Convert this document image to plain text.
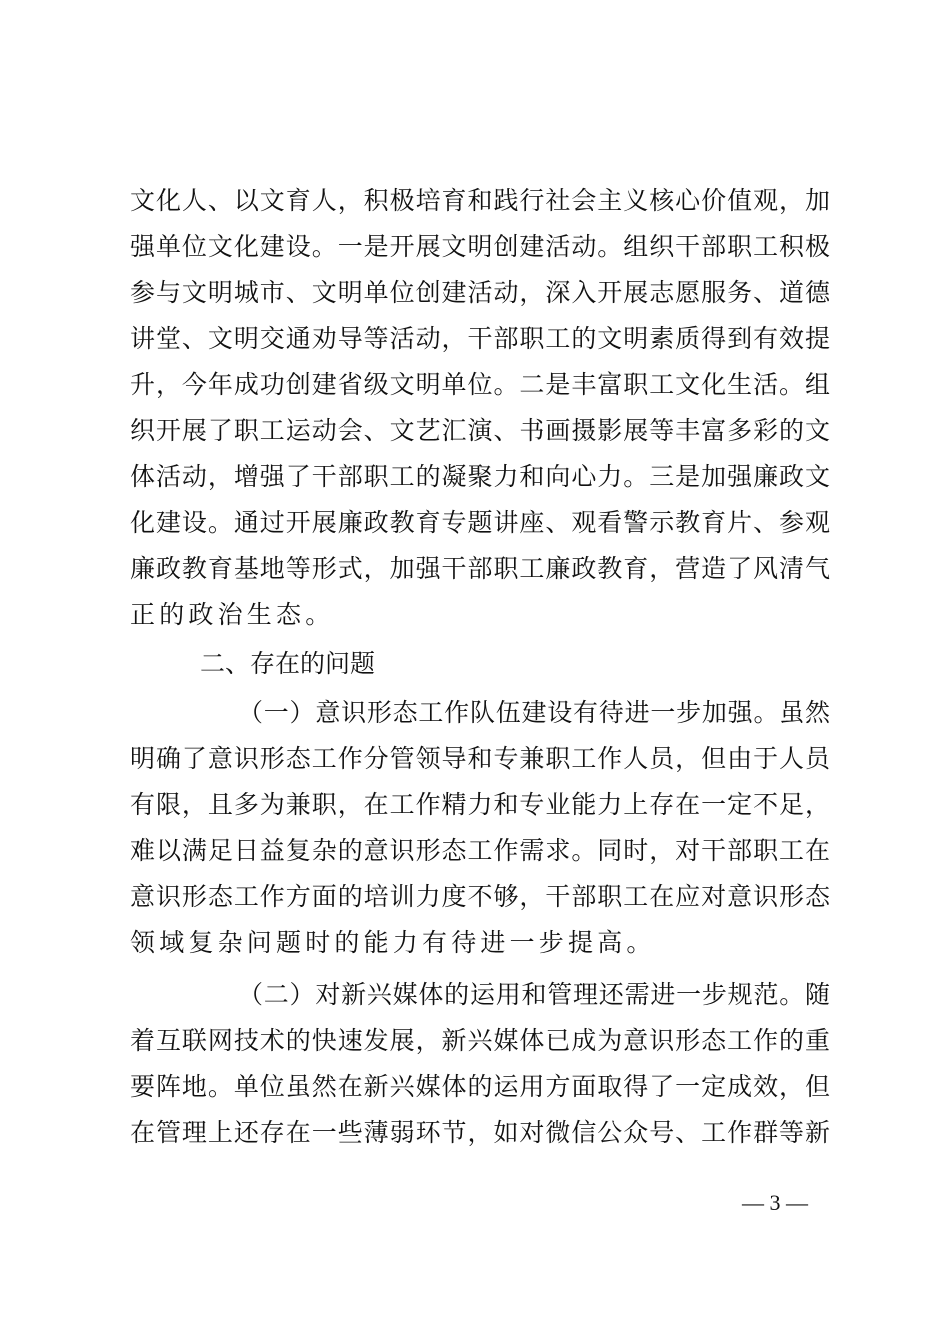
文化人、以文育人，积极培育和践行社会主义核心价值观，加
强单位文化建设。一是开展文明创建活动。组织干部职工积极
参与文明城市、文明单位创建活动，深入开展志愿服务、道德
讲堂、文明交通劝导等活动，干部职工的文明素质得到有效提
升，今年成功创建省级文明单位。二是丰富职工文化生活。组
织开展了职工运动会、文艺汇演、书画摄影展等丰富多彩的文
体活动，增强了干部职工的凝聚力和向心力。三是加强廉政文
化建设。通过开展廉政教育专题讲座、观看警示教育片、参观
廉政教育基地等形式，加强干部职工廉政教育，营造了风清气
正的政治生态。
二、存在的问题
（一）意识形态工作队伍建设有待进一步加强。虽然
明确了意识形态工作分管领导和专兼职工作人员，但由于人员
有限，且多为兼职，在工作精力和专业能力上存在一定不足，
难以满足日益复杂的意识形态工作需求。同时，对干部职工在
意识形态工作方面的培训力度不够，干部职工在应对意识形态
领域复杂问题时的能力有待进一步提高。
（二）对新兴媒体的运用和管理还需进一步规范。随
着互联网技术的快速发展，新兴媒体已成为意识形态工作的重
要阵地。单位虽然在新兴媒体的运用方面取得了一定成效，但
在管理上还存在一些薄弱环节，如对微信公众号、工作群等新
— 3 —
